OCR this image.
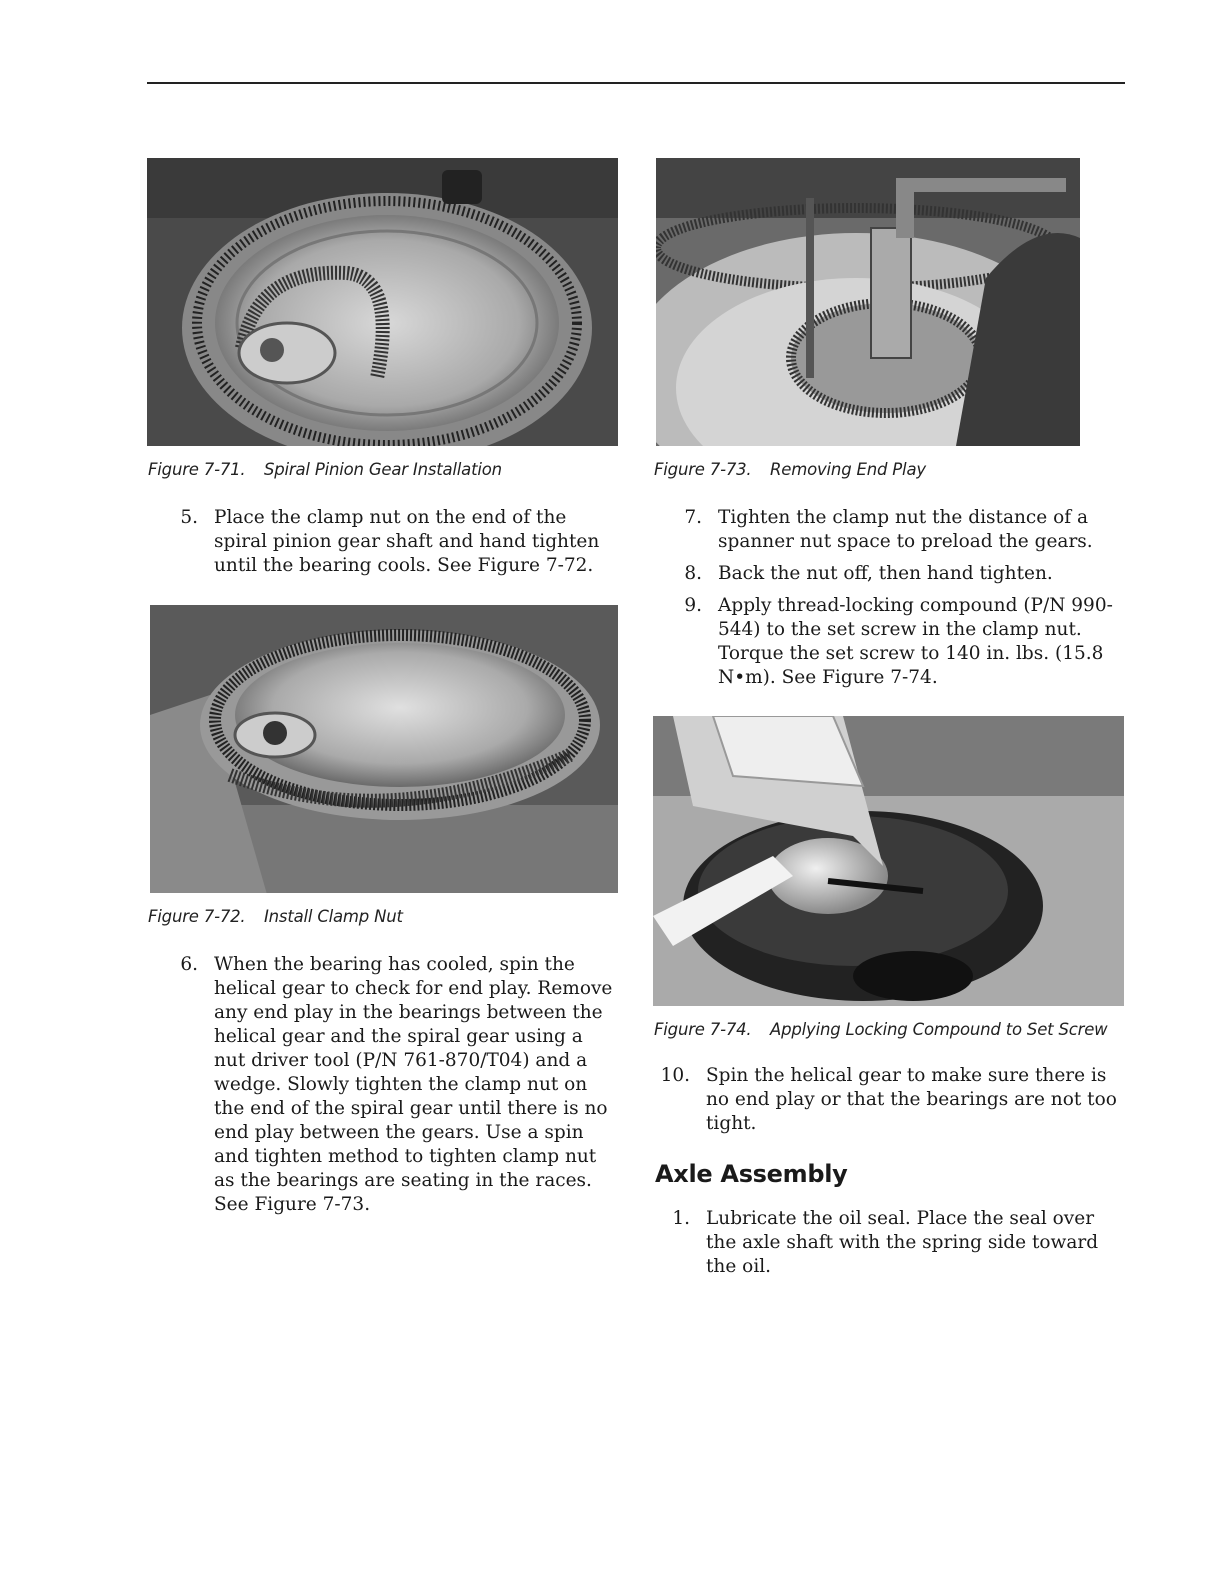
Figure 7-71. Spiral Pinion Gear Installation
5. Place the clamp nut on the end of the spiral pinion gear shaft and hand tighten until the bearing cools. See Figure 7-72.
Figure 7-72. Install Clamp Nut
6. When the bearing has cooled, spin the helical gear to check for end play. Remove any end play in the bearings between the helical gear and the spiral gear using a nut driver tool (P/N 761-870/T04) and a wedge. Slowly tighten the clamp nut on the end of the spiral gear until there is no end play between the gears. Use a spin and tighten method to tighten clamp nut as the bearings are seating in the races. See Figure 7-73.
Figure 7-73. Removing End Play
7. Tighten the clamp nut the distance of a spanner nut space to preload the gears.
8. Back the nut off, then hand tighten.
9. Apply thread-locking compound (P/N 990-544) to the set screw in the clamp nut. Torque the set screw to 140 in. lbs. (15.8 N•m). See Figure 7-74.
Figure 7-74. Applying Locking Compound to Set Screw
10. Spin the helical gear to make sure there is no end play or that the bearings are not too tight.
Axle Assembly
1. Lubricate the oil seal. Place the seal over the axle shaft with the spring side toward the oil.
